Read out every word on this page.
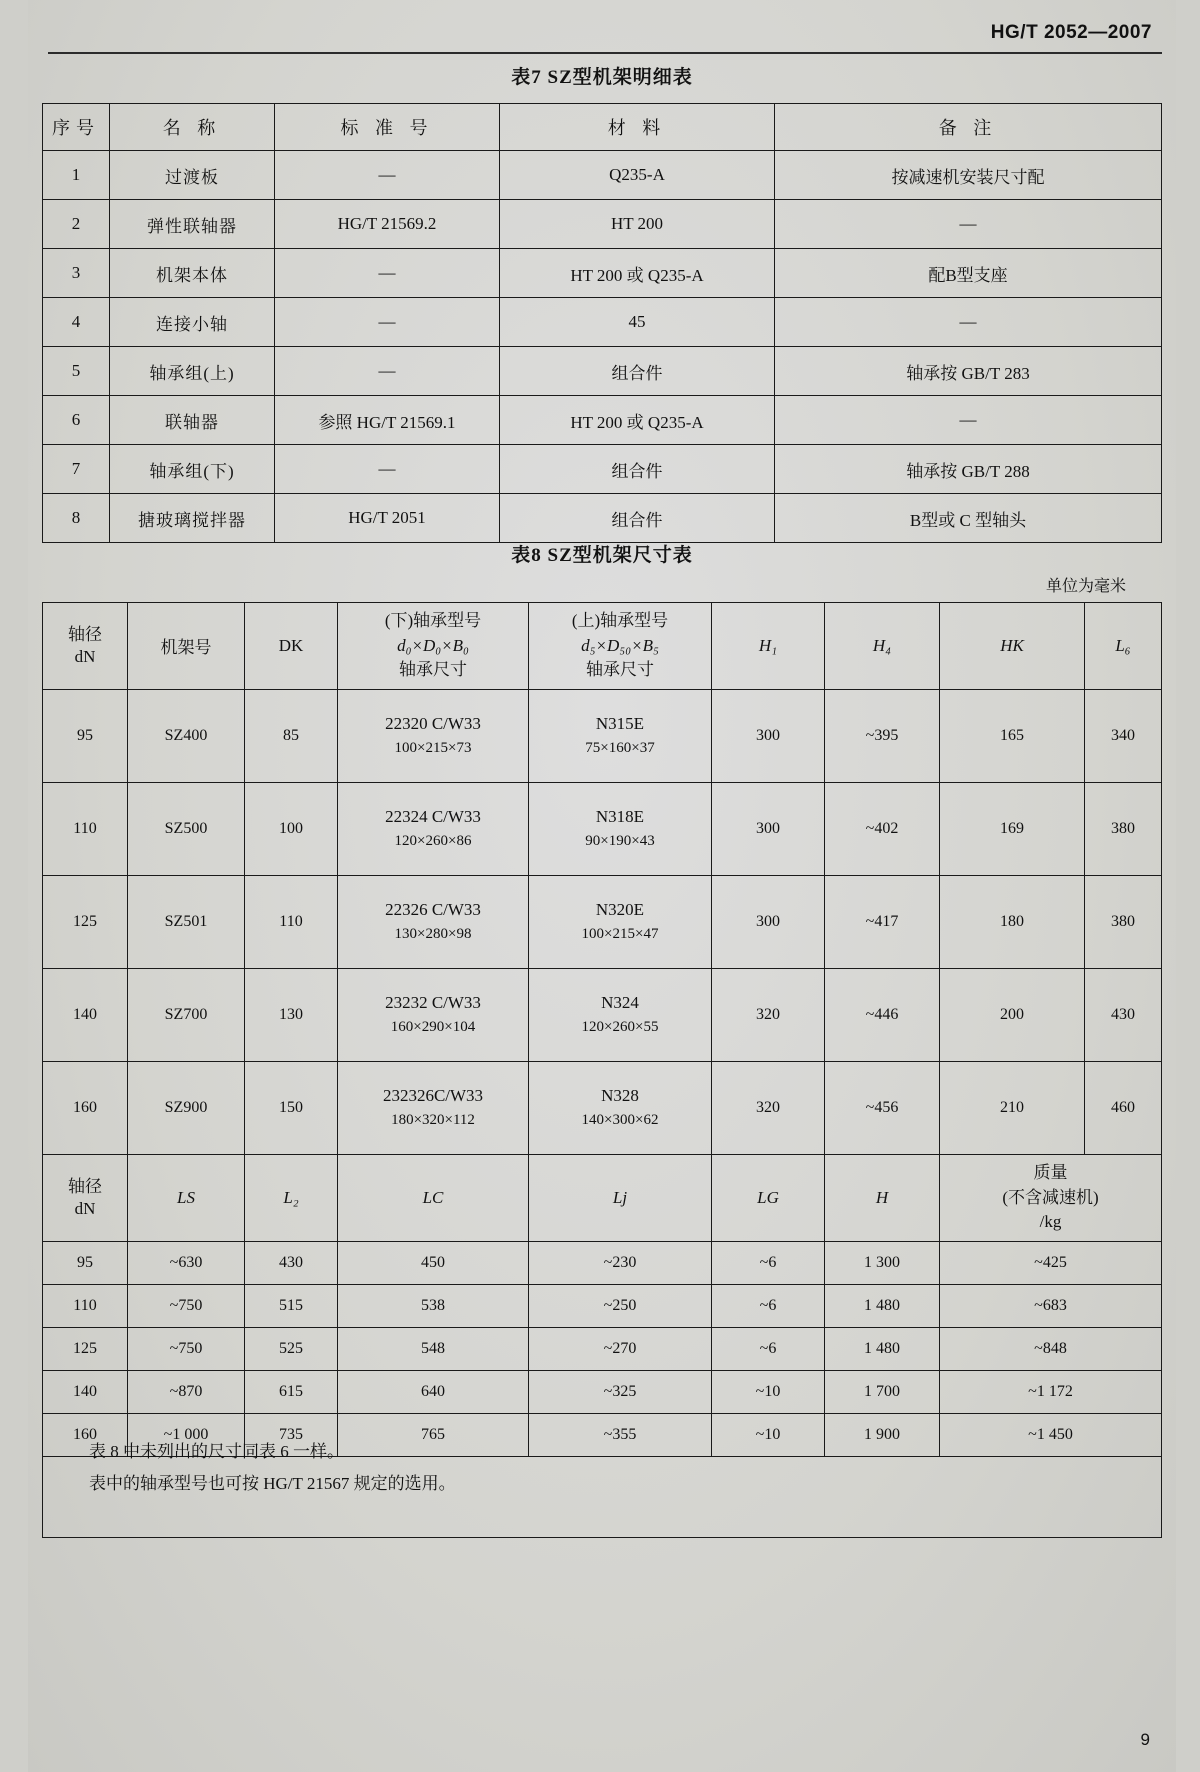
HG/T 2052—2007
9
表7 SZ型机架明细表
序号	名 称	标 准 号	材 料	备 注
1	过渡板	—	Q235-A	按减速机安装尺寸配
2	弹性联轴器	HG/T 21569.2	HT 200	—
3	机架本体	—	HT 200 或 Q235-A	配B型支座
4	连接小轴	—	45	—
5	轴承组(上)	—	组合件	轴承按 GB/T 283
6	联轴器	参照 HG/T 21569.1	HT 200 或 Q235-A	—
7	轴承组(下)	—	组合件	轴承按 GB/T 288
8	搪玻璃搅拌器	HG/T 2051	组合件	B型或 C 型轴头
表8 SZ型机架尺寸表
单位为毫米
轴径
dN	机架号	DK	(下)轴承型号
d₀×D₀×B₀
轴承尺寸	(上)轴承型号
d₅×D₅₀×B₅
轴承尺寸	H₁	H₄	HK	L₆
95	SZ400	85	22320 C/W33
100×215×73	N315E
75×160×37	300	~395	165	340
110	SZ500	100	22324 C/W33
120×260×86	N318E
90×190×43	300	~402	169	380
125	SZ501	110	22326 C/W33
130×280×98	N320E
100×215×47	300	~417	180	380
140	SZ700	130	23232 C/W33
160×290×104	N324
120×260×55	320	~446	200	430
160	SZ900	150	232326C/W33
180×320×112	N328
140×300×62	320	~456	210	460

轴径
dN	LS	L₂	LC	Lj	LG	H	质量
(不含减速机)
/kg	

95	~630	430	450	~230	~6	1 300	~425	
110	~750	515	538	~250	~6	1 480	~683	
125	~750	525	548	~270	~6	1 480	~848	
140	~870	615	640	~325	~10	1 700	~1 172	
160	~1 000	735	765	~355	~10	1 900	~1 450	
表 8 中未列出的尺寸同表 6 一样。
表中的轴承型号也可按 HG/T 21567 规定的选用。
